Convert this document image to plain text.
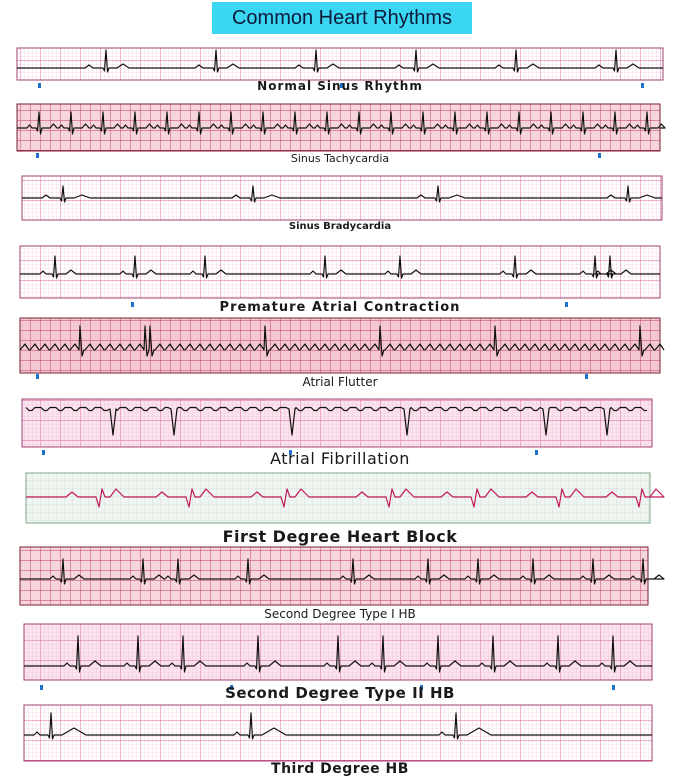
Common Heart Rhythms
Normal Sinus Rhythm
Sinus Tachycardia
Sinus Bradycardia
Premature Atrial Contraction
Atrial Flutter
Atrial Fibrillation
First Degree Heart Block
Second Degree Type I HB
Second Degree Type II HB
Third Degree HB
